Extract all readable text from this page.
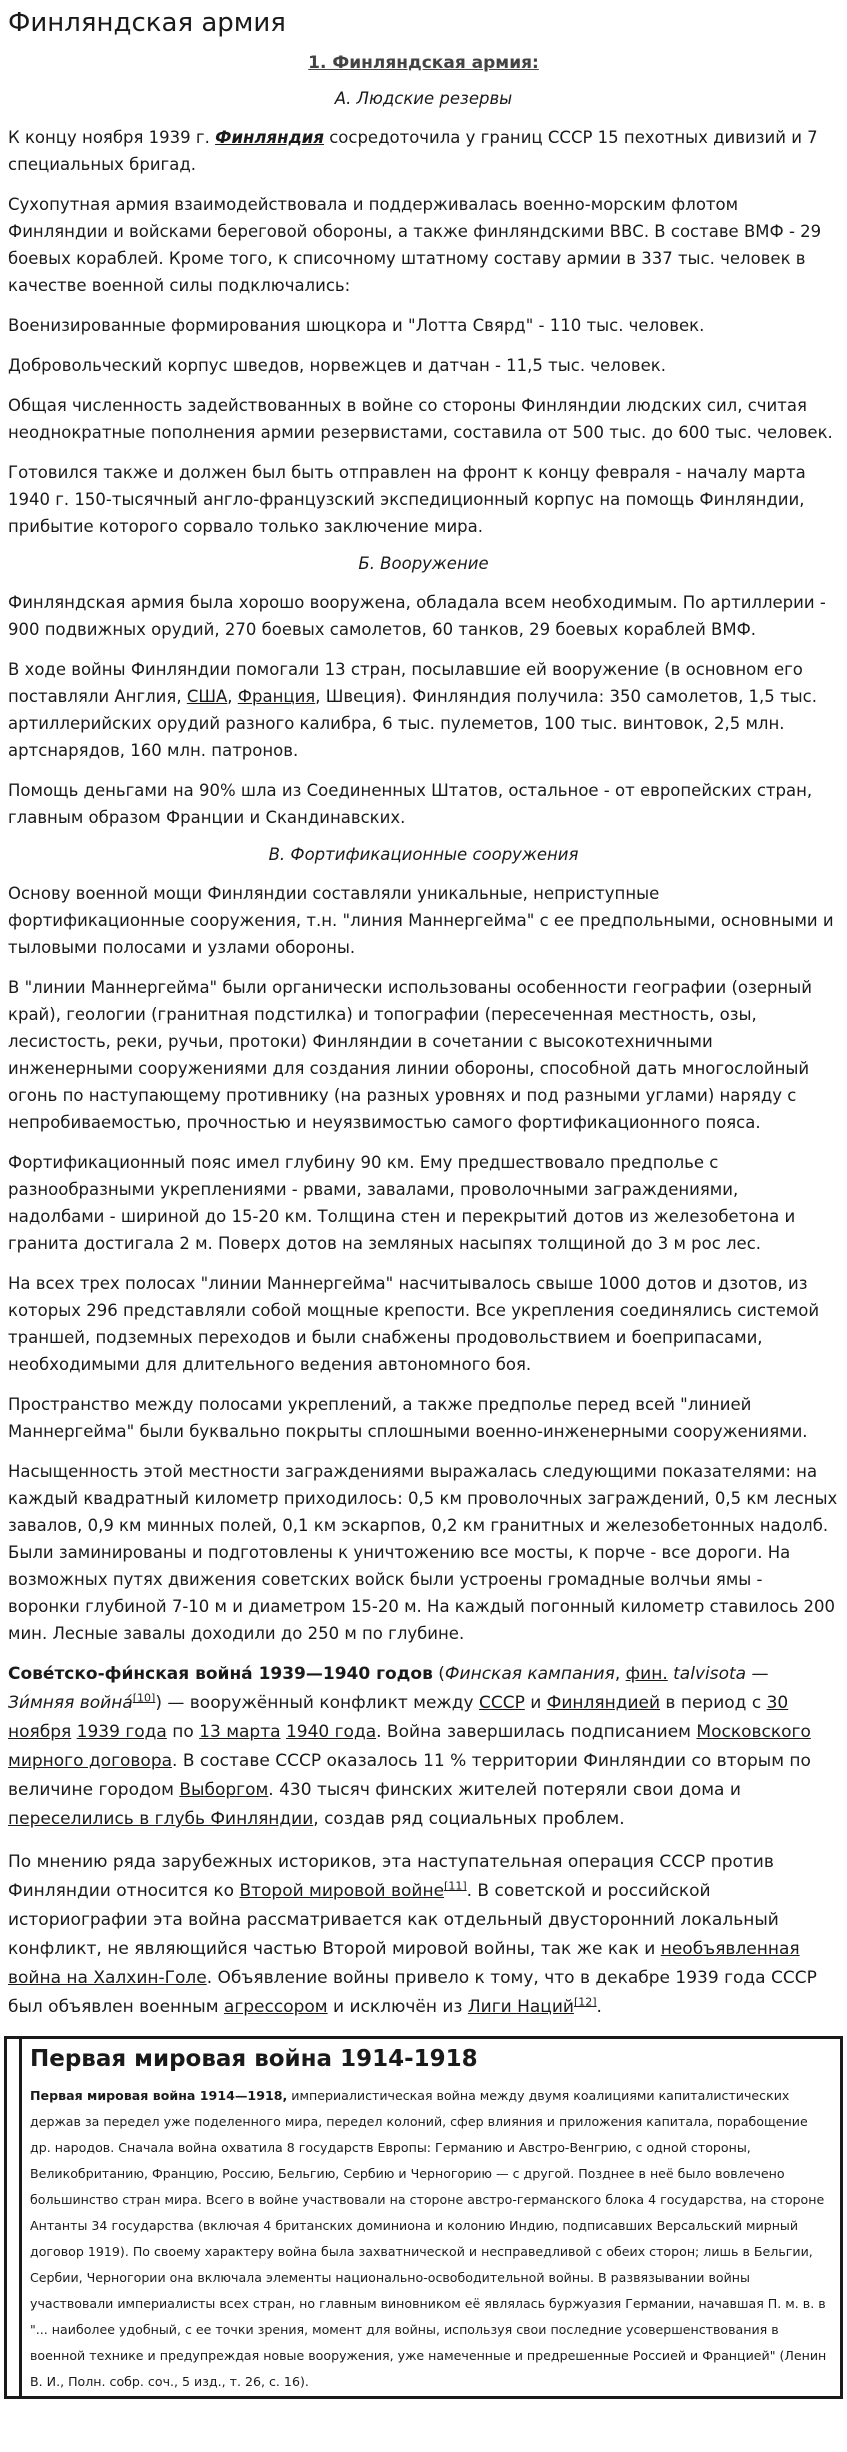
Финляндская армия
1. Финляндская армия:
А. Людские резервы

К концу ноября 1939 г. Финляндия сосредоточила у границ СССР 15 пехотных дивизий и 7 специальных бригад.

Сухопутная армия взаимодействовала и поддерживалась военно-морским флотом Финляндии и войсками береговой обороны, а также финляндскими ВВС. В составе ВМФ - 29 боевых кораблей. Кроме того, к списочному штатному составу армии в 337 тыс. человек в качестве военной силы подключались:

Военизированные формирования шюцкора и "Лотта Свярд" - 110 тыс. человек.

Добровольческий корпус шведов, норвежцев и датчан - 11,5 тыс. человек.

Общая численность задействованных в войне со стороны Финляндии людских сил, считая неоднократные пополнения армии резервистами, составила от 500 тыс. до 600 тыс. человек.

Готовился также и должен был быть отправлен на фронт к концу февраля - началу марта 1940 г. 150-тысячный англо-французский экспедиционный корпус на помощь Финляндии, прибытие которого сорвало только заключение мира.

Б. Вооружение

Финляндская армия была хорошо вооружена, обладала всем необходимым. По артиллерии - 900 подвижных орудий, 270 боевых самолетов, 60 танков, 29 боевых кораблей ВМФ.

В ходе войны Финляндии помогали 13 стран, посылавшие ей вооружение (в основном его поставляли Англия, США, Франция, Швеция). Финляндия получила: 350 самолетов, 1,5 тыс. артиллерийских орудий разного калибра, 6 тыс. пулеметов, 100 тыс. винтовок, 2,5 млн. артснарядов, 160 млн. патронов.

Помощь деньгами на 90% шла из Соединенных Штатов, остальное - от европейских стран, главным образом Франции и Скандинавских.

В. Фортификационные сооружения

Основу военной мощи Финляндии составляли уникальные, неприступные фортификационные сооружения, т.н. "линия Маннергейма" с ее предпольными, основными и тыловыми полосами и узлами обороны.

В "линии Маннергейма" были органически использованы особенности географии (озерный край), геологии (гранитная подстилка) и топографии (пересеченная местность, озы, лесистость, реки, ручьи, протоки) Финляндии в сочетании с высокотехничными инженерными сооружениями для создания линии обороны, способной дать многослойный огонь по наступающему противнику (на разных уровнях и под разными углами) наряду с непробиваемостью, прочностью и неуязвимостью самого фортификационного пояса.

Фортификационный пояс имел глубину 90 км. Ему предшествовало предполье с разнообразными укреплениями - рвами, завалами, проволочными заграждениями, надолбами - шириной до 15-20 км. Толщина стен и перекрытий дотов из железобетона и гранита достигала 2 м. Поверх дотов на земляных насыпях толщиной до 3 м рос лес.

На всех трех полосах "линии Маннергейма" насчитывалось свыше 1000 дотов и дзотов, из которых 296 представляли собой мощные крепости. Все укрепления соединялись системой траншей, подземных переходов и были снабжены продовольствием и боеприпасами, необходимыми для длительного ведения автономного боя.

Пространство между полосами укреплений, а также предполье перед всей "линией Маннергейма" были буквально покрыты сплошными военно-инженерными сооружениями.

Насыщенность этой местности заграждениями выражалась следующими показателями: на каждый квадратный километр приходилось: 0,5 км проволочных заграждений, 0,5 км лесных завалов, 0,9 км минных полей, 0,1 км эскарпов, 0,2 км гранитных и железобетонных надолб. Были заминированы и подготовлены к уничтожению все мосты, к порче - все дороги. На возможных путях движения советских войск были устроены громадные волчьи ямы - воронки глубиной 7-10 м и диаметром 15-20 м. На каждый погонный километр ставилось 200 мин. Лесные завалы доходили до 250 м по глубине.

Сове́тско-фи́нская война́ 1939—1940 годов (Финская кампания, фин. talvisota — Зи́мняя война́[10]) — вооружённый конфликт между СССР и Финляндией в период с 30 ноября 1939 года по 13 марта 1940 года. Война завершилась подписанием Московского мирного договора. В составе СССР оказалось 11 % территории Финляндии со вторым по величине городом Выборгом. 430 тысяч финских жителей потеряли свои дома и переселились в глубь Финляндии, создав ряд социальных проблем.

По мнению ряда зарубежных историков, эта наступательная операция СССР против Финляндии относится ко Второй мировой войне[11]. В советской и российской историографии эта война рассматривается как отдельный двусторонний локальный конфликт, не являющийся частью Второй мировой войны, так же как и необъявленная война на Халхин-Голе. Объявление войны привело к тому, что в декабре 1939 года СССР был объявлен военным агрессором и исключён из Лиги Наций[12].

Первая мировая война 1914-1918

Первая мировая война 1914—1918, империалистическая война между двумя коалициями капиталистических держав за передел уже поделенного мира, передел колоний, сфер влияния и приложения капитала, порабощение др. народов. Сначала война охватила 8 государств Европы: Германию и Австро-Венгрию, с одной стороны, Великобританию, Францию, Россию, Бельгию, Сербию и Черногорию — с другой. Позднее в неё было вовлечено большинство стран мира. Всего в войне участвовали на стороне австро-германского блока 4 государства, на стороне Антанты 34 государства (включая 4 британских доминиона и колонию Индию, подписавших Версальский мирный договор 1919). По своему характеру война была захватнической и несправедливой с обеих сторон; лишь в Бельгии, Сербии, Черногории она включала элементы национально-освободительной войны. В развязывании войны участвовали империалисты всех стран, но главным виновником её являлась буржуазия Германии, начавшая П. м. в. в "... наиболее удобный, с ее точки зрения, момент для войны, используя свои последние усовершенствования в военной технике и предупреждая новые вооружения, уже намеченные и предрешенные Россией и Францией" (Ленин В. И., Полн. собр. соч., 5 изд., т. 26, с. 16).
